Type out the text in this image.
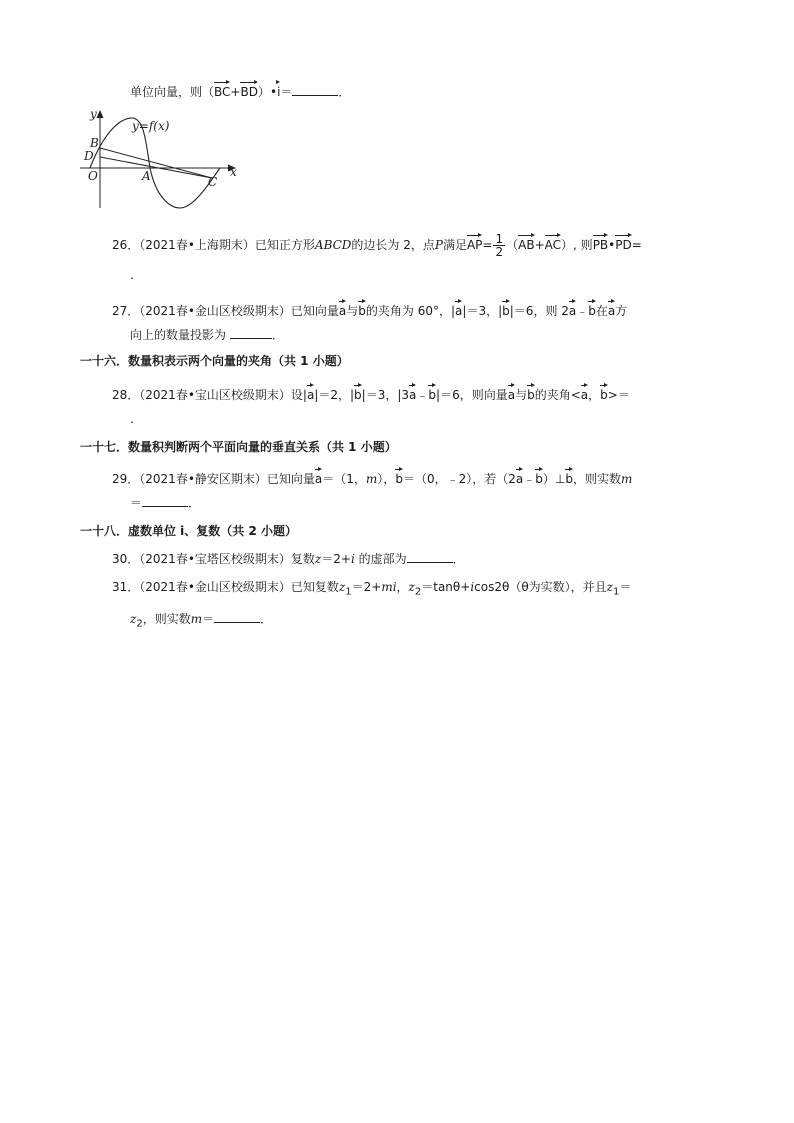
单位向量，则（
BC+
BD）•
i＝	．
y
x
y=f(x)
B
D
O	A	C
26．（2021春•上海期末）已知正方形ABCD的边长为 2，点P满足
$AP= \frac{1}{2}$ （
AB+
AC）, 则
PB•
PD=
.
27．（2021春•金山区校级期末）已知向量
a与
b的夹角为 60°，|
a|＝3，|
b|＝6，则 2
a﹣
b在
a方
向上的数量投影为	．
一十六．数量积表示两个向量的夹角（共 1 小题）
28．（2021春•宝山区校级期末）设|
a|＝2，|
b|＝3，|3
a﹣
b|＝6，则向量
a与
b的夹角<
a，
b>＝
.
一十七．数量积判断两个平面向量的垂直关系（共 1 小题）
29．（2021春•静安区期末）已知向量
a＝（1，m），
b＝（0，﹣2），若（2
a﹣
b）⊥
b，则实数m
＝	．
一十八．虚数单位 i、复数（共 2 小题）
30．（2021春•宝塔区校级期末）复数z＝2+i 的虚部为	．
31．（2021春•金山区校级期末）已知复数$z_1=2+mi$，$z_2=\tan\theta+icos2\theta(\theta$为实数），并且$z_1=$
$z_2$，则实数m＝	．
